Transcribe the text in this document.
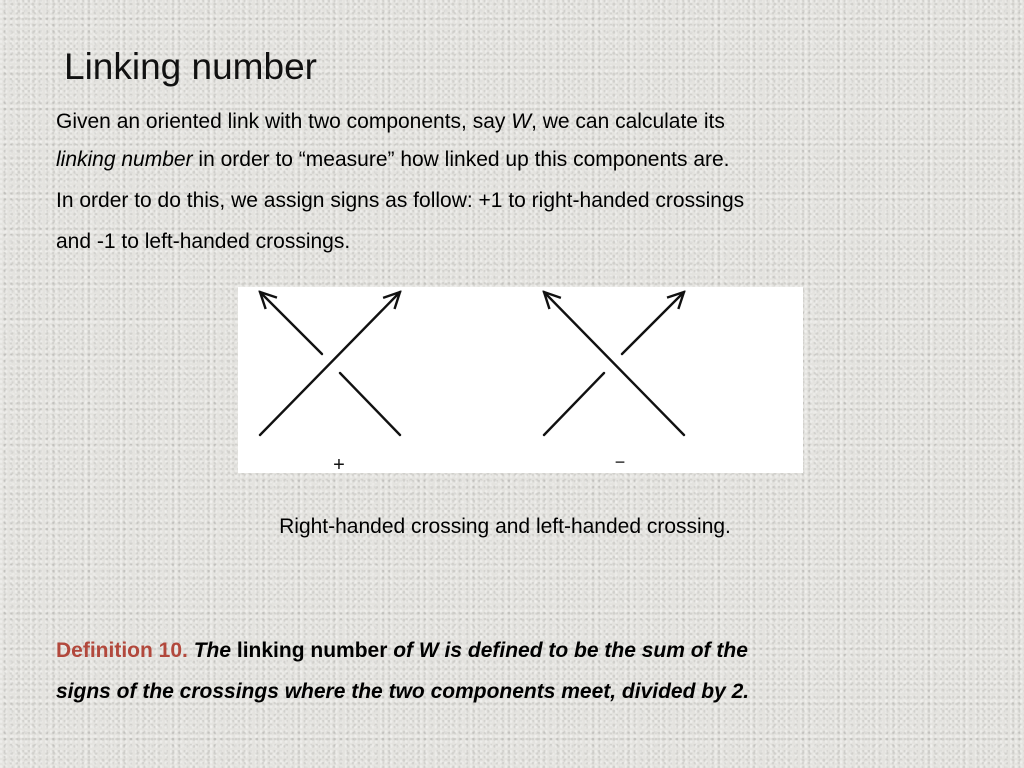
Linking number

Given an oriented link with two components, say W, we can calculate its

linking number in order to “measure” how linked up this components are.

In order to do this, we assign signs as follow: +1 to right-handed crossings

and -1 to left-handed crossings.

+	−
Right-handed crossing and left-handed crossing.
Definition 10. The linking number of W is defined to be the sum of the
signs of the crossings where the two components meet, divided by 2.
